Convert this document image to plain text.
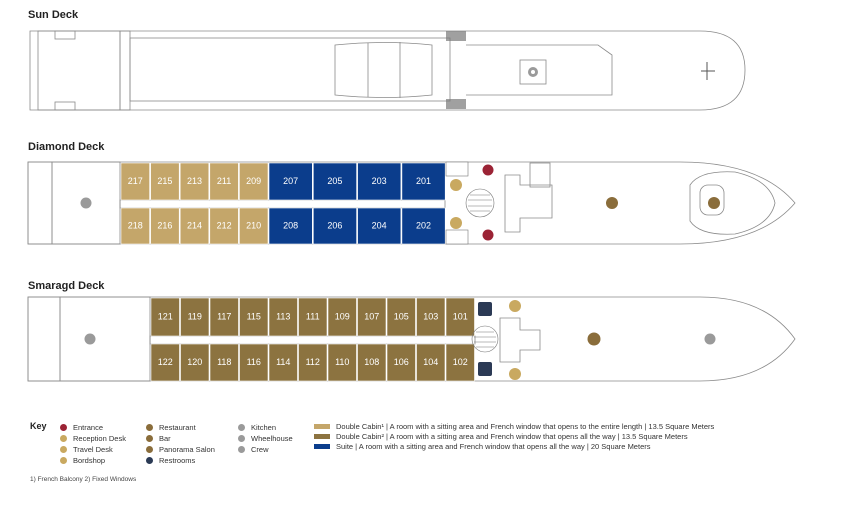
Sun Deck
Diamond Deck
Smaragd Deck
217 215 213 211 209 207	205	203	201
218 216 214 212 210 208	206	204	202
121 119 117 115 113 111 109 107 105 103 101
122 120 118 116 114 112 110 108 106 104 102
Key	Entrance
Reception Desk
Travel Desk
Bordshop
Restaurant
Bar
Panorama Salon
Restrooms
Kitchen
Wheelhouse
Crew
Double Cabin¹ | A room with a sitting area and French window that opens to the entire length | 13.5 Square Meters
Double Cabin² | A room with a sitting area and French window that opens all the way | 13.5 Square Meters
Suite | A room with a sitting area and French window that opens all the way | 20 Square Meters
1) French Balcony 2) Fixed Windows
